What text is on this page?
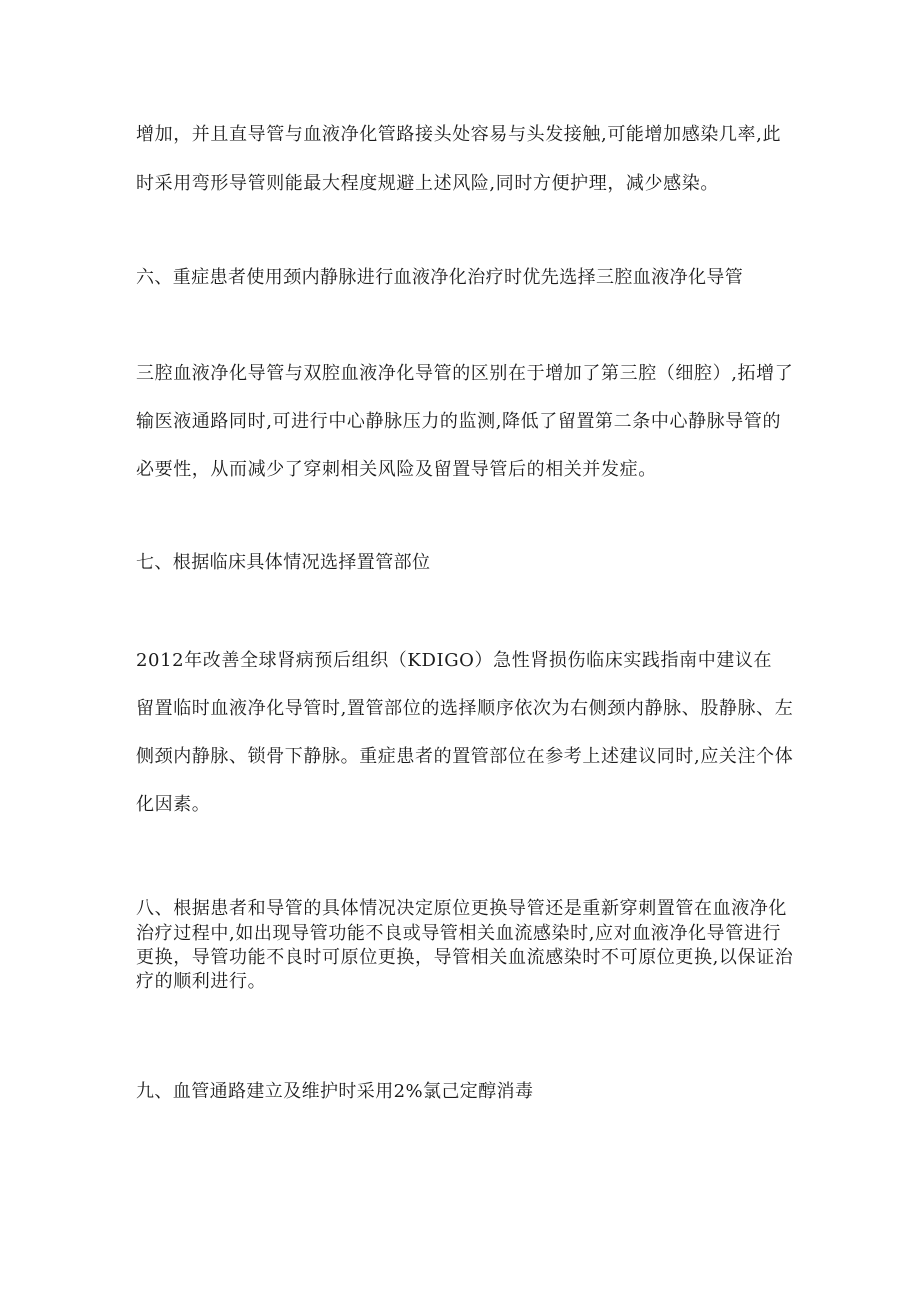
增加，并且直导管与血液净化管路接头处容易与头发接触,可能增加感染几率,此
时采用弯形导管则能最大程度规避上述风险,同时方便护理，减少感染。
六、重症患者使用颈内静脉进行血液净化治疗时优先选择三腔血液净化导管
三腔血液净化导管与双腔血液净化导管的区别在于增加了第三腔（细腔）,拓增了
输医液通路同时,可进行中心静脉压力的监测,降低了留置第二条中心静脉导管的
必要性，从而减少了穿刺相关风险及留置导管后的相关并发症。
七、根据临床具体情况选择置管部位
2012年改善全球肾病预后组织（KDIGO）急性肾损伤临床实践指南中建议在
留置临时血液净化导管时,置管部位的选择顺序依次为右侧颈内静脉、股静脉、左
侧颈内静脉、锁骨下静脉。重症患者的置管部位在参考上述建议同时,应关注个体
化因素。
八、根据患者和导管的具体情况决定原位更换导管还是重新穿刺置管在血液净化
治疗过程中,如出现导管功能不良或导管相关血流感染时,应对血液净化导管进行
更换，导管功能不良时可原位更换，导管相关血流感染时不可原位更换,以保证治
疗的顺利进行。
九、血管通路建立及维护时采用2%氯己定醇消毒
